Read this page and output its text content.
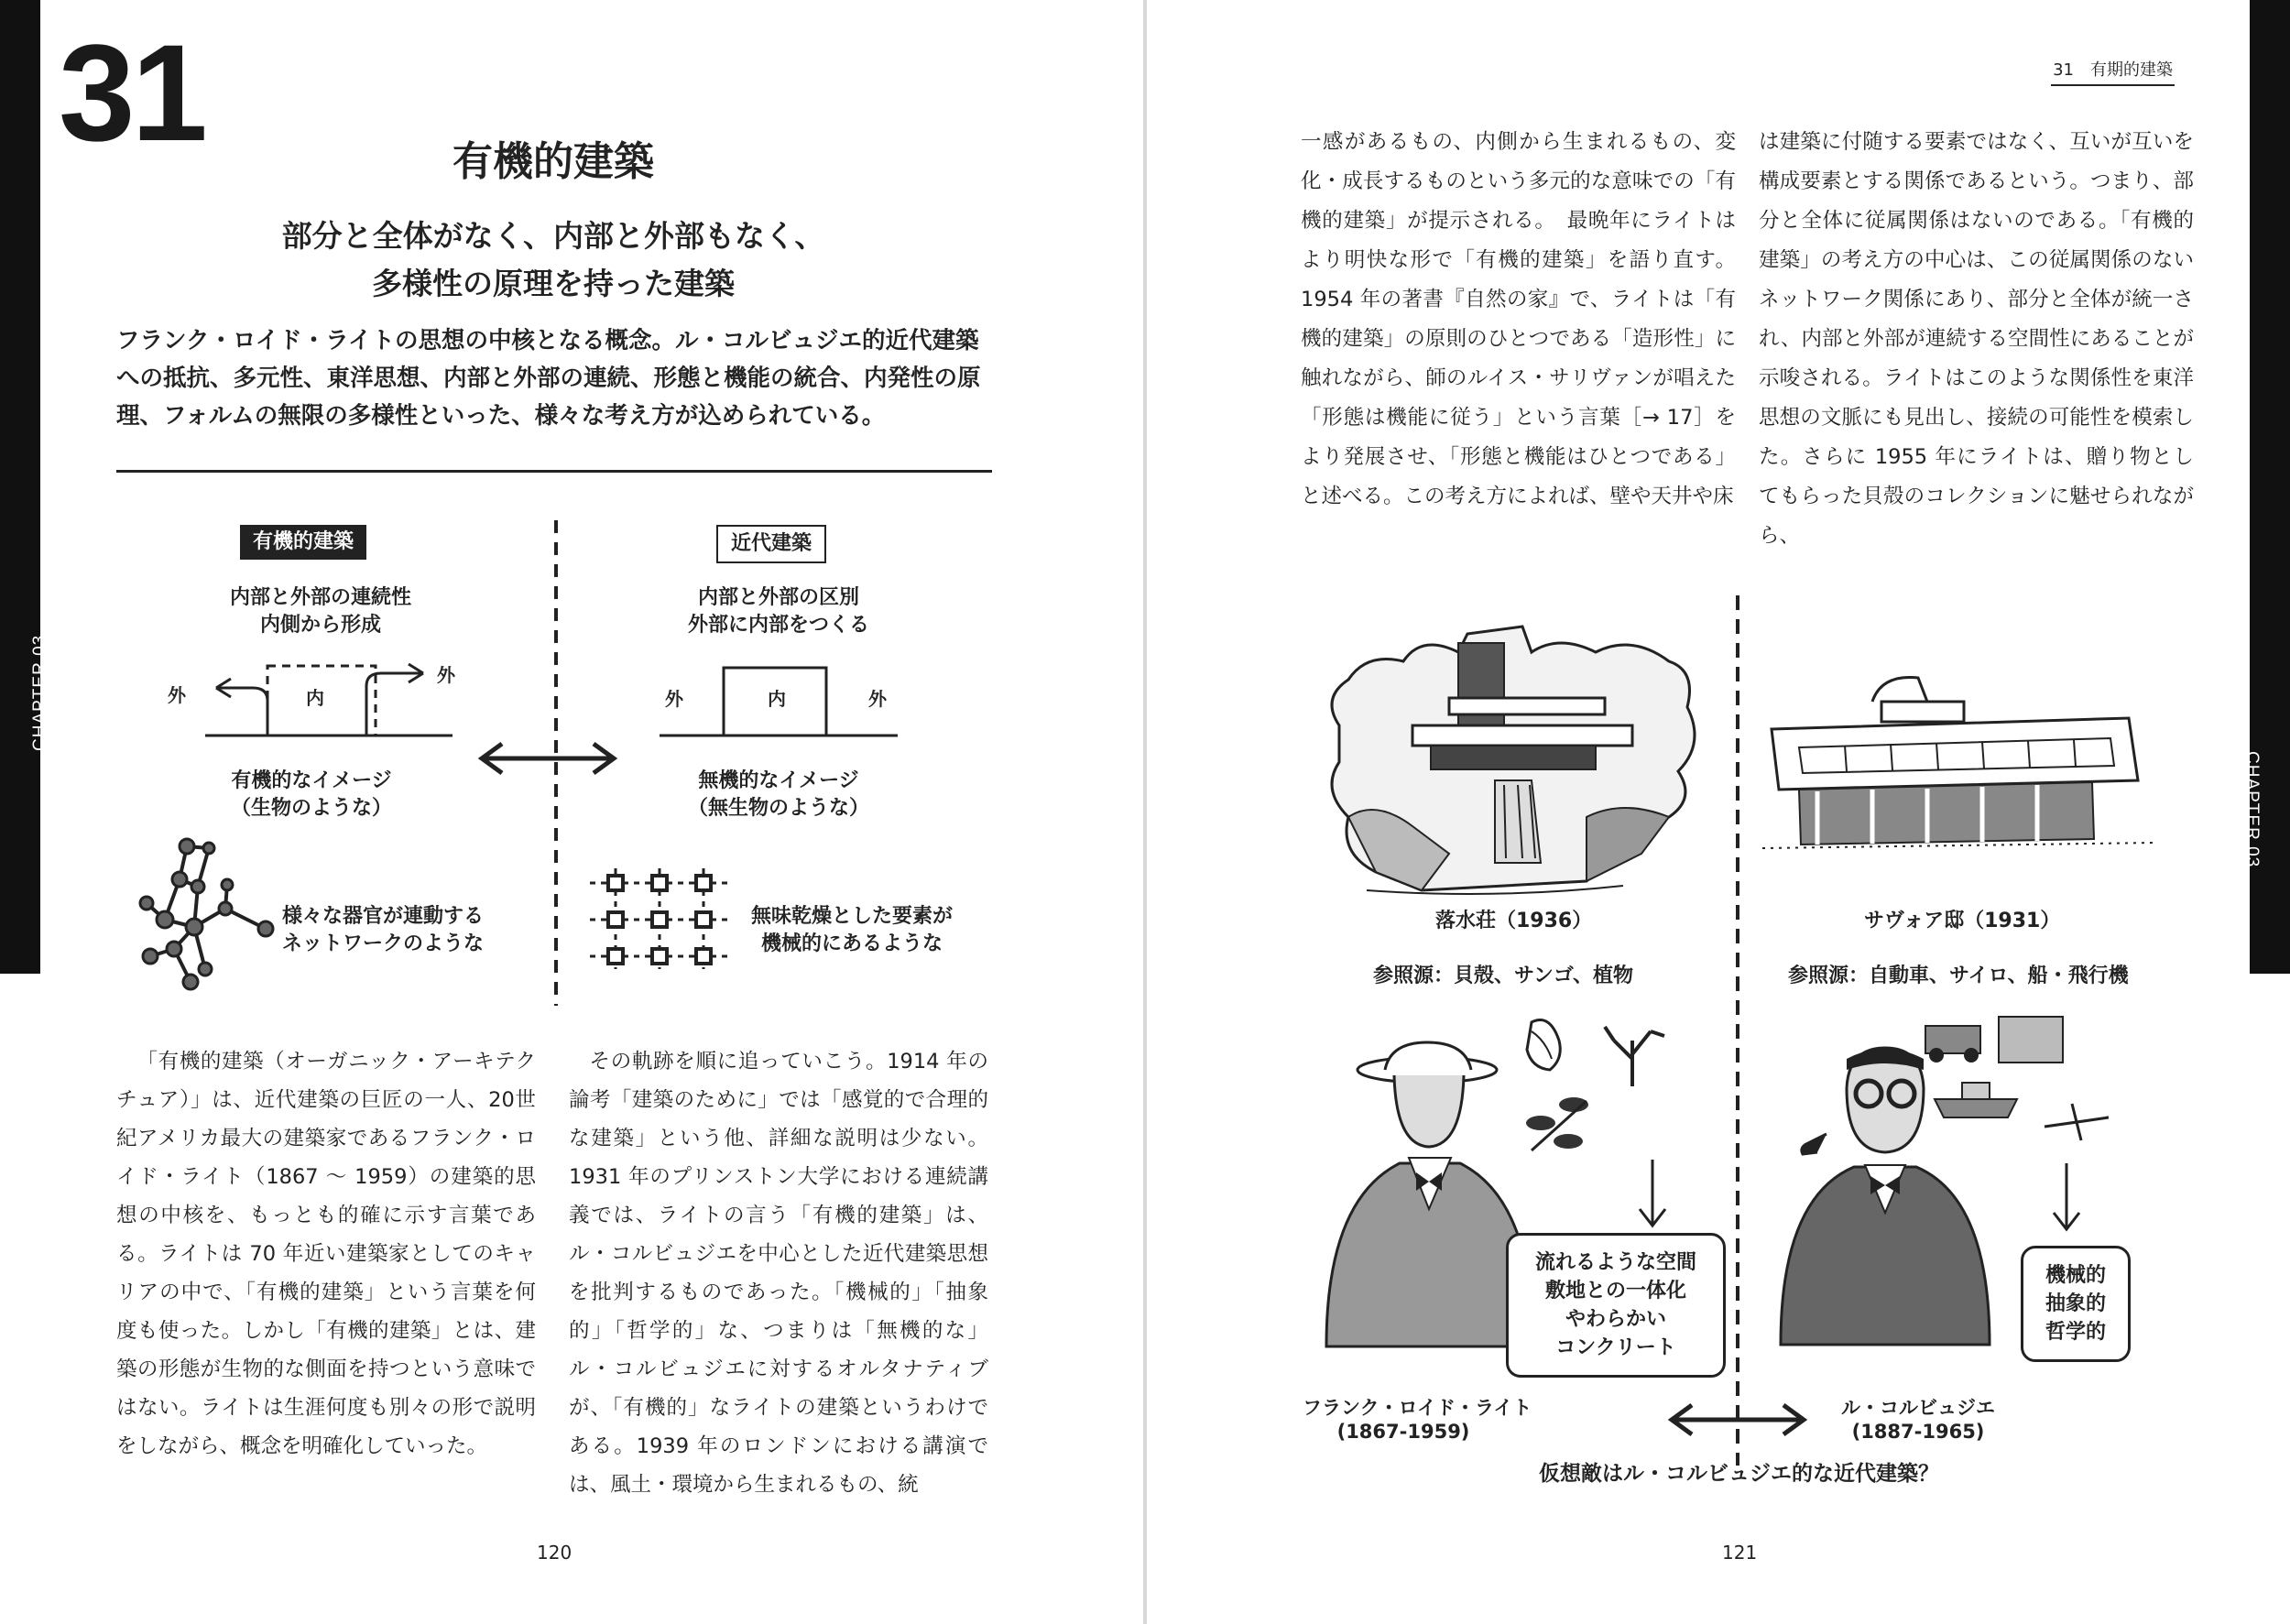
CHAPTER 03
31	有機的建築
部分と全体がなく、内部と外部もなく、
多様性の原理を持った建築
フランク・ロイド・ライトの思想の中核となる概念。ル・コルビュジエ的近代建築への抵抗、多元性、東洋思想、内部と外部の連続、形態と機能の統合、内発性の原理、フォルムの無限の多様性といった、様々な考え方が込められている。
有機的建築	近代建築
内部と外部の連続性
内側から形成
内部と外部の区別
外部に内部をつくる
外	内
外
外	内	外
有機的なイメージ
（生物のような）
無機的なイメージ
（無生物のような）
様々な器官が連動する
ネットワークのような
無味乾燥とした要素が
機械的にあるような
「有機的建築（オーガニック・アーキテクチュア）」は、近代建築の巨匠の一人、20世紀アメリカ最大の建築家であるフランク・ロイド・ライト（1867 〜 1959）の建築的思想の中核を、もっとも的確に示す言葉である。ライトは 70 年近い建築家としてのキャリアの中で、「有機的建築」という言葉を何度も使った。しかし「有機的建築」とは、建築の形態が生物的な側面を持つという意味ではない。ライトは生涯何度も別々の形で説明をしながら、概念を明確化していった。
その軌跡を順に追っていこう。1914 年の論考「建築のために」では「感覚的で合理的な建築」という他、詳細な説明は少ない。1931 年のプリンストン大学における連続講義では、ライトの言う「有機的建築」は、ル・コルビュジエを中心とした近代建築思想を批判するものであった。「機械的」「抽象的」「哲学的」な、つまりは「無機的な」ル・コルビュジエに対するオルタナティブが、「有機的」なライトの建築というわけである。1939 年のロンドンにおける講演では、風土・環境から生まれるもの、統
120
CHAPTER 03
31　有期的建築
一感があるもの、内側から生まれるもの、変化・成長するものという多元的な意味での「有機的建築」が提示される。　最晩年にライトはより明快な形で「有機的建築」を語り直す。1954 年の著書『自然の家』で、ライトは「有機的建築」の原則のひとつである「造形性」に触れながら、師のルイス・サリヴァンが唱えた「形態は機能に従う」という言葉［→ 17］をより発展させ、「形態と機能はひとつである」と述べる。この考え方によれば、壁や天井や床
は建築に付随する要素ではなく、互いが互いを構成要素とする関係であるという。つまり、部分と全体に従属関係はないのである。「有機的建築」の考え方の中心は、この従属関係のないネットワーク関係にあり、部分と全体が統一され、内部と外部が連続する空間性にあることが示唆される。ライトはこのような関係性を東洋思想の文脈にも見出し、接続の可能性を模索した。さらに 1955 年にライトは、贈り物としてもらった貝殻のコレクションに魅せられながら、
落水荘（1936）	サヴォア邸（1931）
参照源：貝殻、サンゴ、植物	参照源：自動車、サイロ、船・飛行機
流れるような空間
敷地との一体化
やわらかい
コンクリート
機械的
抽象的
哲学的
フランク・ロイド・ライト
(1867-1959)
ル・コルビュジエ
(1887-1965)
仮想敵はル・コルビュジエ的な近代建築？
121
